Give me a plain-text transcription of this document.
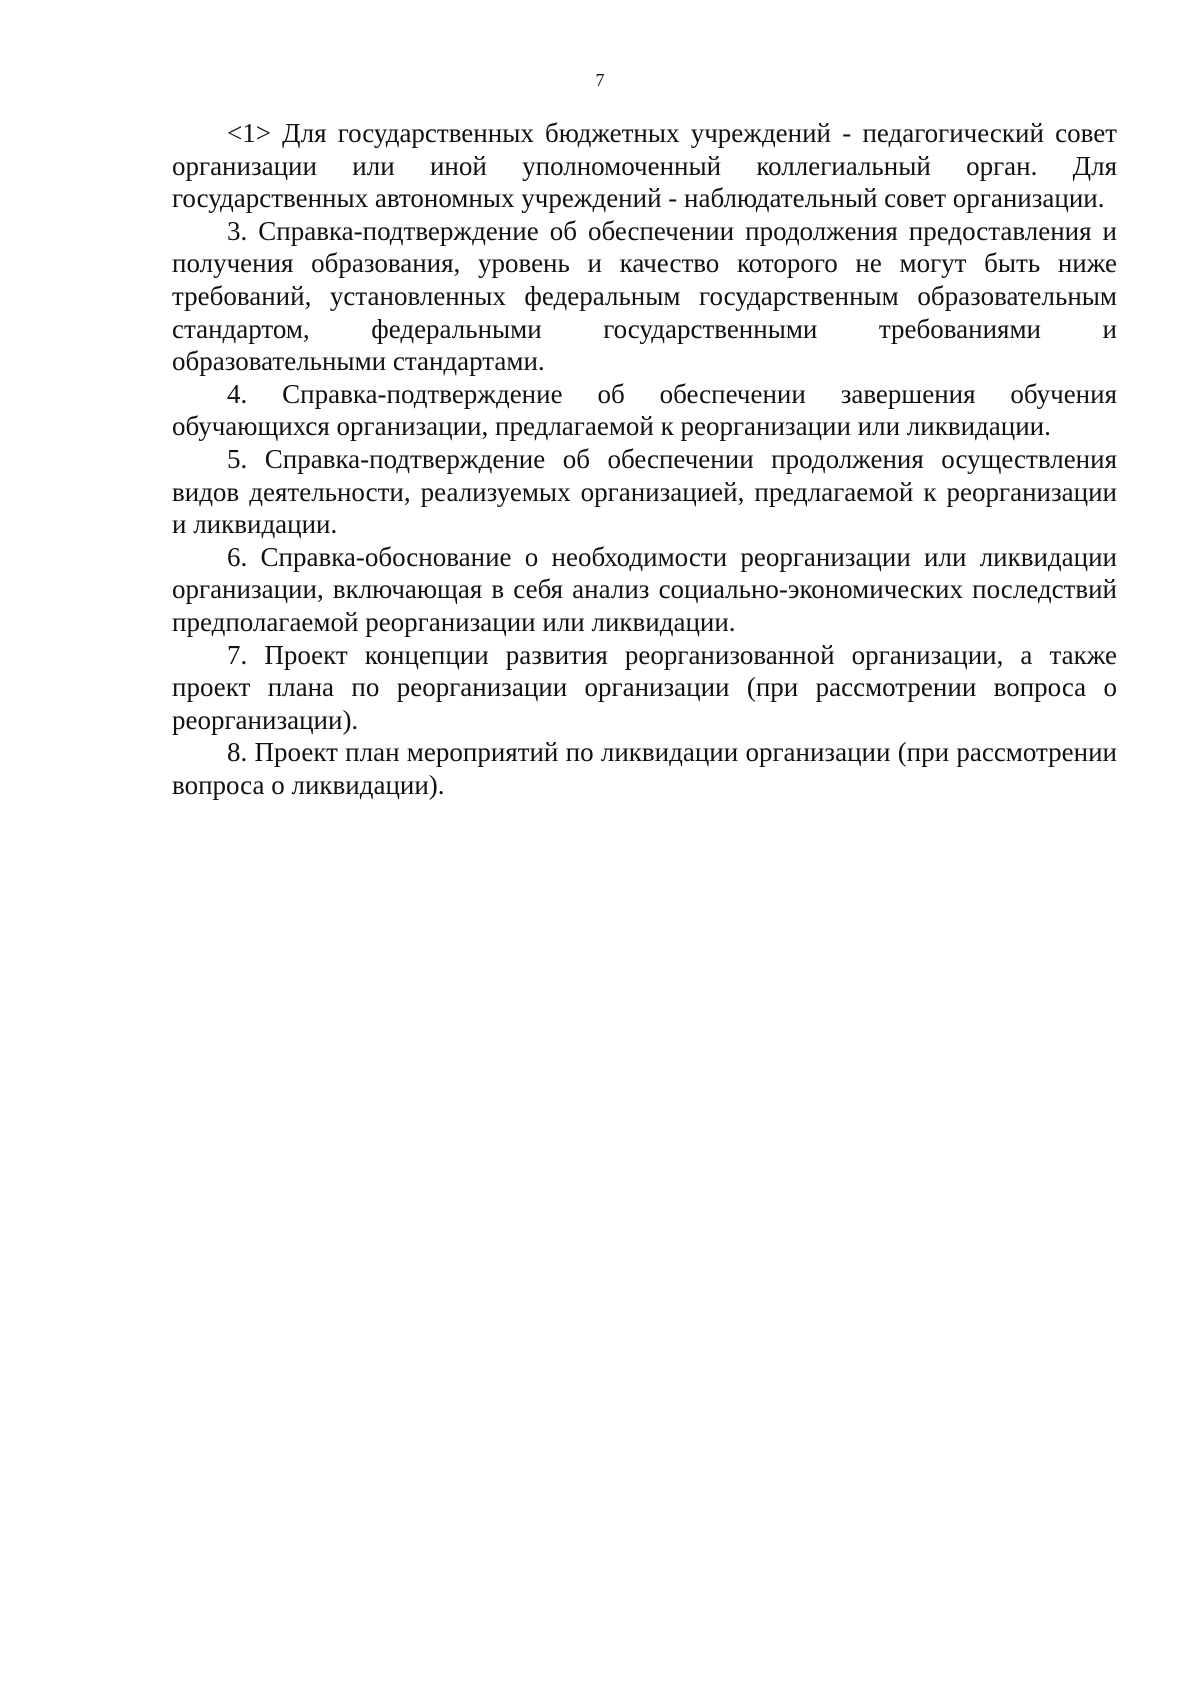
7

<1> Для государственных бюджетных учреждений - педагогический совет организации или иной уполномоченный коллегиальный орган. Для государственных автономных учреждений - наблюдательный совет организации.

3. Справка-подтверждение об обеспечении продолжения предоставления и получения образования, уровень и качество которого не могут быть ниже требований, установленных федеральным государственным образовательным стандартом, федеральными государственными требованиями и образовательными стандартами.

4. Справка-подтверждение об обеспечении завершения обучения обучающихся организации, предлагаемой к реорганизации или ликвидации.

5. Справка-подтверждение об обеспечении продолжения осуществления видов деятельности, реализуемых организацией, предлагаемой к реорганизации и ликвидации.

6. Справка-обоснование о необходимости реорганизации или ликвидации организации, включающая в себя анализ социально-экономических последствий предполагаемой реорганизации или ликвидации.

7. Проект концепции развития реорганизованной организации, а также проект плана по реорганизации организации (при рассмотрении вопроса о реорганизации).

8. Проект план мероприятий по ликвидации организации (при рассмотрении вопроса о ликвидации).
